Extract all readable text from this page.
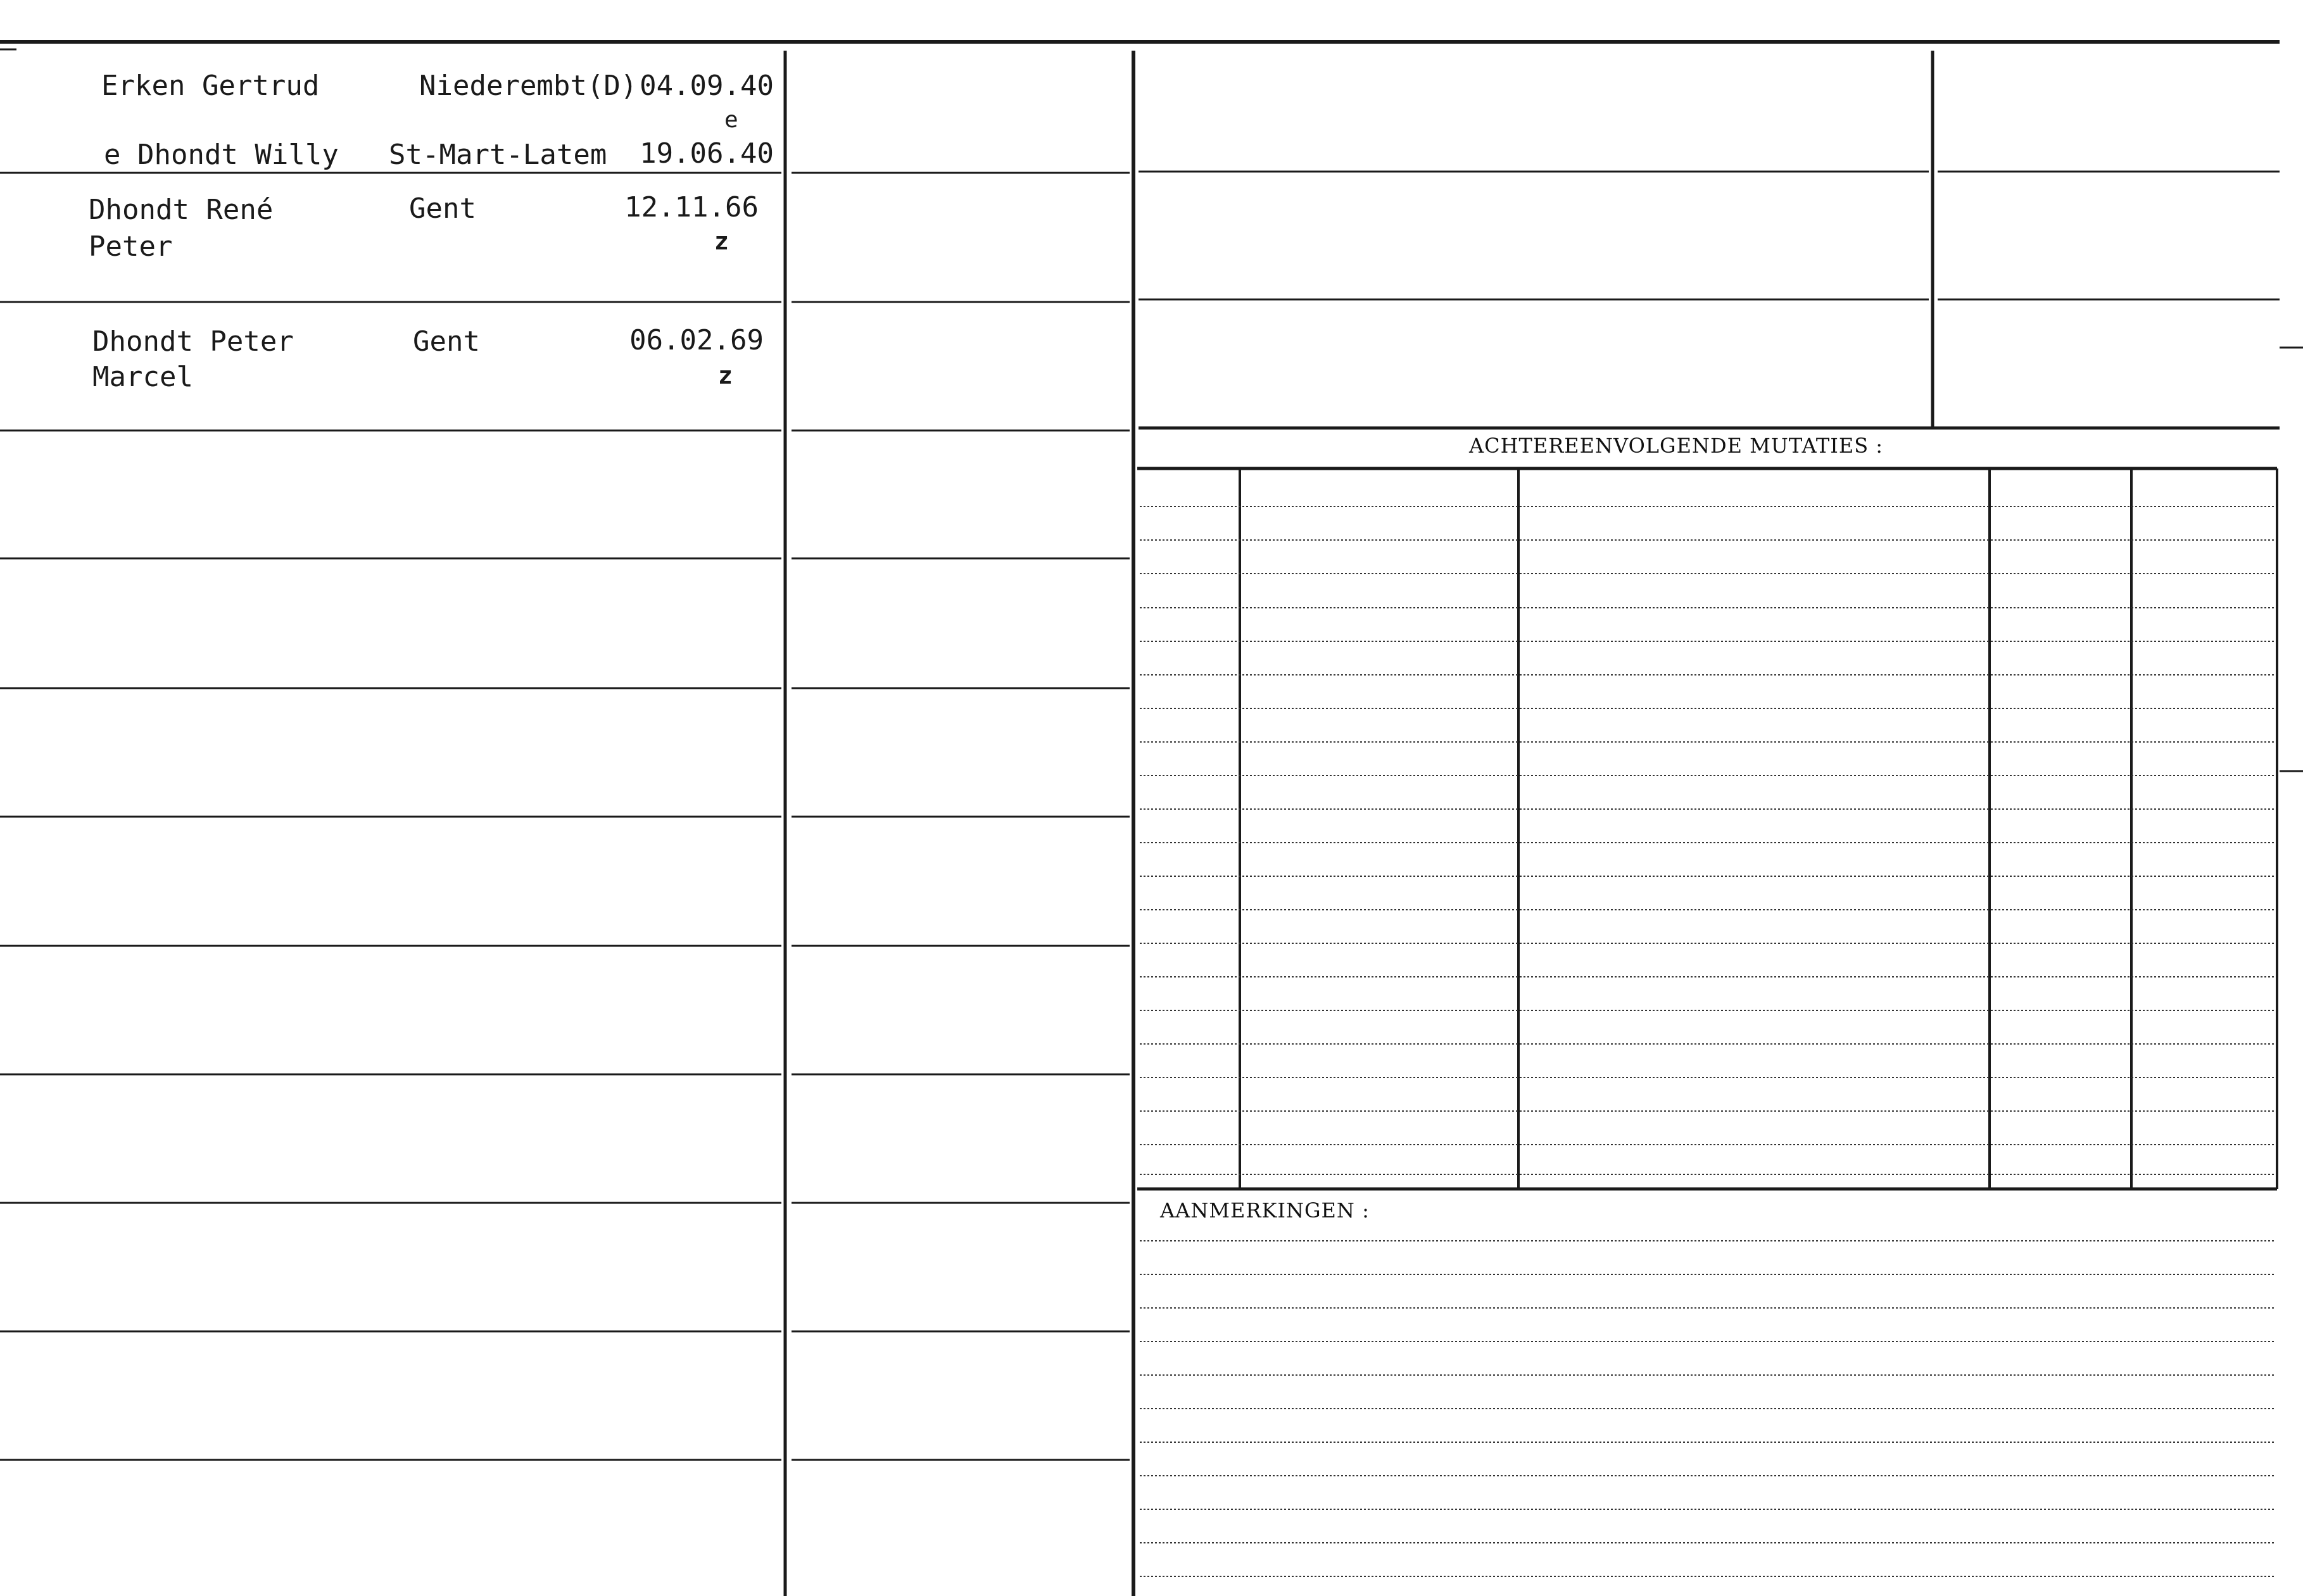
Erken Gertrud	Niederembt(D) 04.09.40
e
e Dhondt Willy St-Mart-Latem 19.06.40
Dhondt René
Peter
Gent	12.11.66
z
Dhondt Peter
Marcel
Gent	06.02.69
z
ACHTEREENVOLGENDE MUTATIES :
AANMERKINGEN :
